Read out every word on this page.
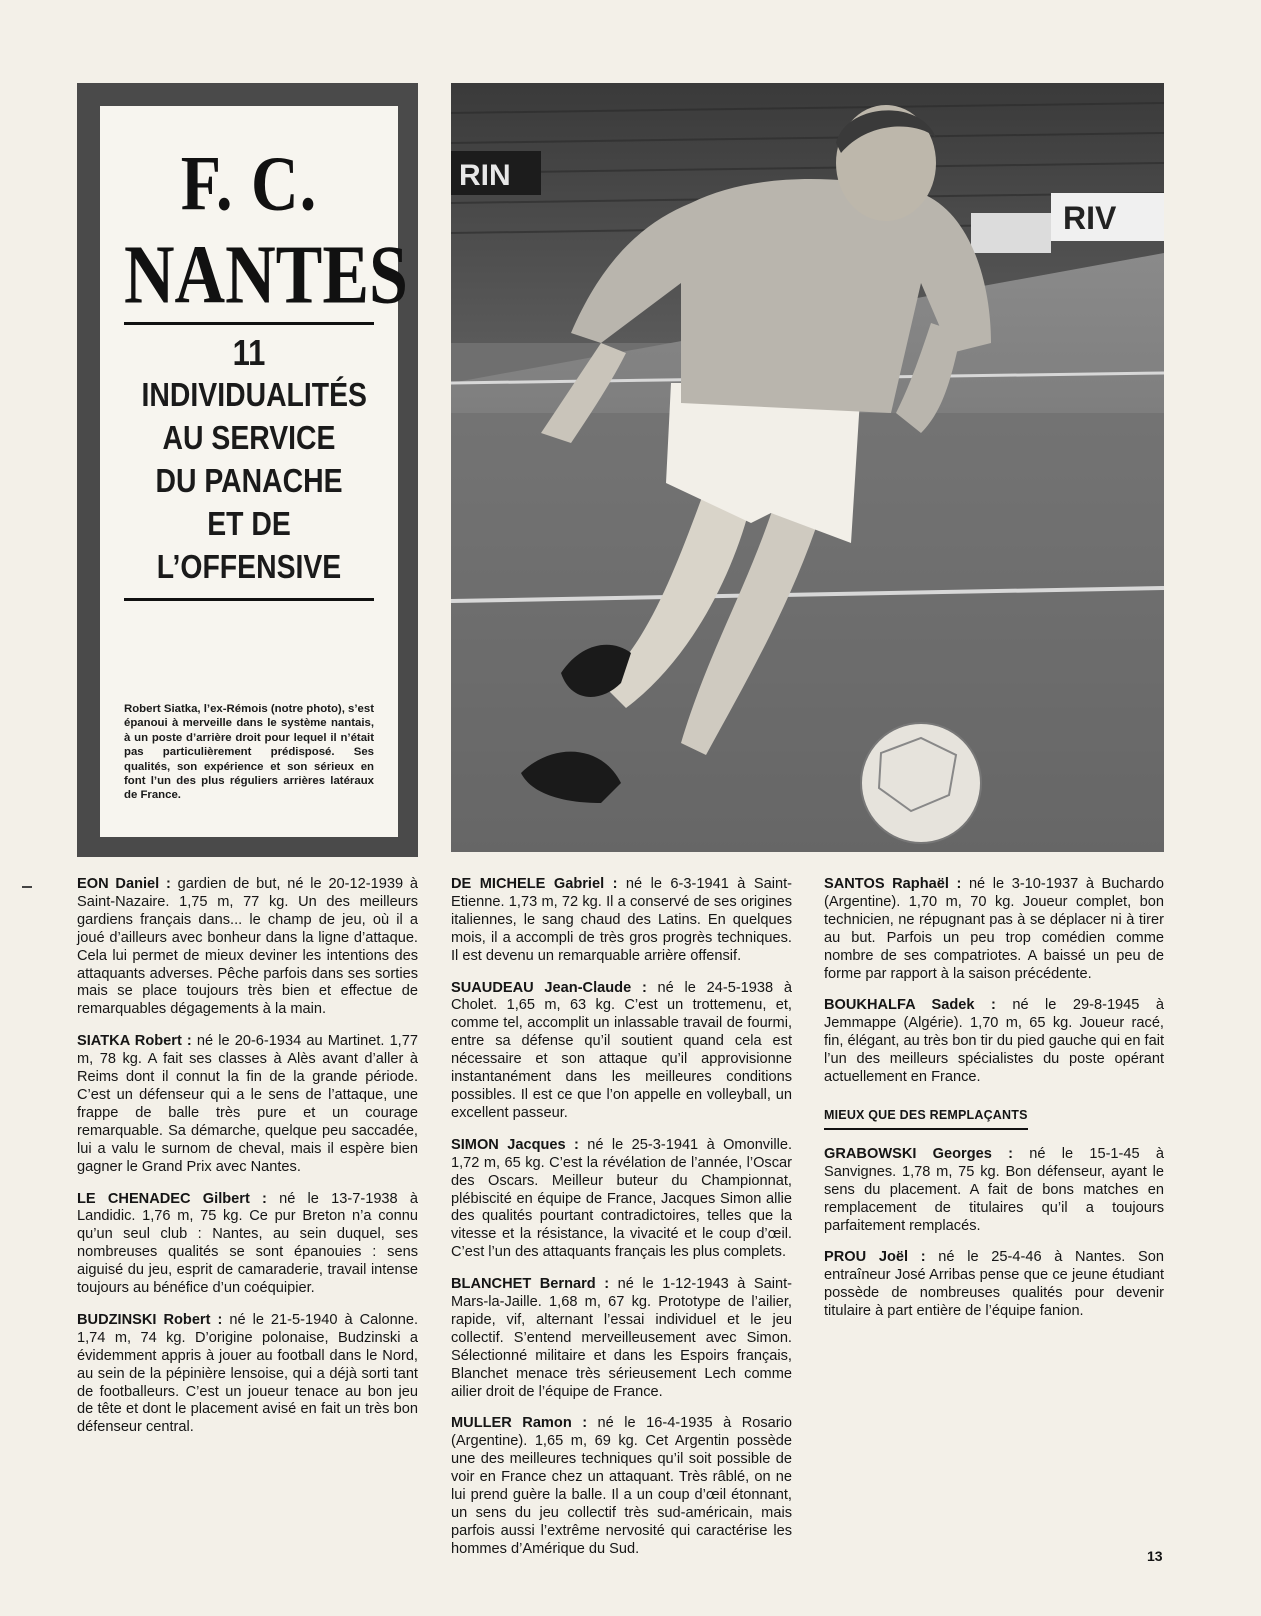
F. C.
NANTES
11
INDIVIDUALITÉS
AU SERVICE
DU PANACHE
ET DE
L’OFFENSIVE
Robert Siatka, l’ex-Rémois (notre photo), s’est épanoui à merveille dans le système nantais, à un poste d’arrière droit pour lequel il n’était pas particulièrement prédisposé. Ses qualités, son expérience et son sérieux en font l’un des plus réguliers arrières latéraux de France.
RIN
RIV

EON Daniel : gardien de but, né le 20-12-1939 à Saint-Nazaire. 1,75 m, 77 kg. Un des meilleurs gardiens français dans... le champ de jeu, où il a joué d’ailleurs avec bonheur dans la ligne d’attaque. Cela lui permet de mieux deviner les intentions des attaquants adverses. Pêche parfois dans ses sorties mais se place toujours très bien et effectue de remarquables dégagements à la main.

SIATKA Robert : né le 20-6-1934 au Martinet. 1,77 m, 78 kg. A fait ses classes à Alès avant d’aller à Reims dont il connut la fin de la grande période. C’est un défenseur qui a le sens de l’attaque, une frappe de balle très pure et un courage remarquable. Sa démarche, quelque peu saccadée, lui a valu le surnom de cheval, mais il espère bien gagner le Grand Prix avec Nantes.

LE CHENADEC Gilbert : né le 13-7-1938 à Landidic. 1,76 m, 75 kg. Ce pur Breton n’a connu qu’un seul club : Nantes, au sein duquel, ses nombreuses qualités se sont épanouies : sens aiguisé du jeu, esprit de camaraderie, travail intense toujours au bénéfice d’un coéquipier.

BUDZINSKI Robert : né le 21-5-1940 à Calonne. 1,74 m, 74 kg. D’origine polonaise, Budzinski a évidemment appris à jouer au football dans le Nord, au sein de la pépinière lensoise, qui a déjà sorti tant de footballeurs. C’est un joueur tenace au bon jeu de tête et dont le placement avisé en fait un très bon défenseur central.

DE MICHELE Gabriel : né le 6-3-1941 à Saint-Etienne. 1,73 m, 72 kg. Il a conservé de ses origines italiennes, le sang chaud des Latins. En quelques mois, il a accompli de très gros progrès techniques. Il est devenu un remarquable arrière offensif.

SUAUDEAU Jean-Claude : né le 24-5-1938 à Cholet. 1,65 m, 63 kg. C’est un trottemenu, et, comme tel, accomplit un inlassable travail de fourmi, entre sa défense qu’il soutient quand cela est nécessaire et son attaque qu’il approvisionne instantanément dans les meilleures conditions possibles. Il est ce que l’on appelle en volleyball, un excellent passeur.

SIMON Jacques : né le 25-3-1941 à Omonville. 1,72 m, 65 kg. C’est la révélation de l’année, l’Oscar des Oscars. Meilleur buteur du Championnat, plébiscité en équipe de France, Jacques Simon allie des qualités pourtant contradictoires, telles que la vitesse et la résistance, la vivacité et le coup d’œil. C’est l’un des attaquants français les plus complets.

BLANCHET Bernard : né le 1-12-1943 à Saint-Mars-la-Jaille. 1,68 m, 67 kg. Prototype de l’ailier, rapide, vif, alternant l’essai individuel et le jeu collectif. S’entend merveilleusement avec Simon. Sélectionné militaire et dans les Espoirs français, Blanchet menace très sérieusement Lech comme ailier droit de l’équipe de France.

MULLER Ramon : né le 16-4-1935 à Rosario (Argentine). 1,65 m, 69 kg. Cet Argentin possède une des meilleures techniques qu’il soit possible de voir en France chez un attaquant. Très râblé, on ne lui prend guère la balle. Il a un coup d’œil étonnant, un sens du jeu collectif très sud-américain, mais parfois aussi l’extrême nervosité qui caractérise les hommes d’Amérique du Sud.

SANTOS Raphaël : né le 3-10-1937 à Buchardo (Argentine). 1,70 m, 70 kg. Joueur complet, bon technicien, ne répugnant pas à se déplacer ni à tirer au but. Parfois un peu trop comédien comme nombre de ses compatriotes. A baissé un peu de forme par rapport à la saison précédente.

BOUKHALFA Sadek : né le 29-8-1945 à Jemmappe (Algérie). 1,70 m, 65 kg. Joueur racé, fin, élégant, au très bon tir du pied gauche qui en fait l’un des meilleurs spécialistes du poste opérant actuellement en France.

MIEUX QUE DES REMPLAÇANTS

GRABOWSKI Georges : né le 15-1-45 à Sanvignes. 1,78 m, 75 kg. Bon défenseur, ayant le sens du placement. A fait de bons matches en remplacement de titulaires qu’il a toujours parfaitement remplacés.

PROU Joël : né le 25-4-46 à Nantes. Son entraîneur José Arribas pense que ce jeune étudiant possède de nombreuses qualités pour devenir titulaire à part entière de l’équipe fanion.

13
